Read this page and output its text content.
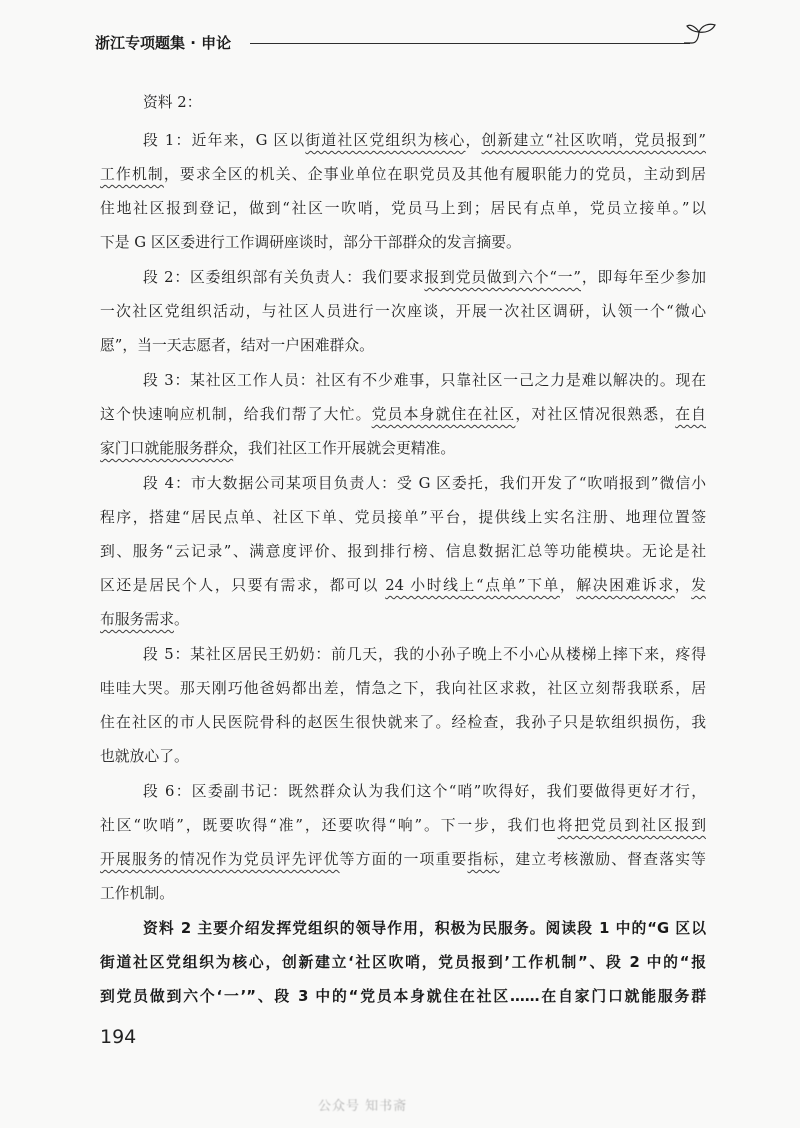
浙江专项题集 · 申论
资料 2：
段 1：近年来，G 区以街道社区党组织为核心，创新建立“社区吹哨，党员报到”
工作机制，要求全区的机关、企事业单位在职党员及其他有履职能力的党员，主动到居
住地社区报到登记，做到“社区一吹哨，党员马上到；居民有点单，党员立接单。”以
下是 G 区区委进行工作调研座谈时，部分干部群众的发言摘要。
段 2：区委组织部有关负责人：我们要求报到党员做到六个“一”，即每年至少参加
一次社区党组织活动，与社区人员进行一次座谈，开展一次社区调研，认领一个“微心
愿”，当一天志愿者，结对一户困难群众。
段 3：某社区工作人员：社区有不少难事，只靠社区一己之力是难以解决的。现在
这个快速响应机制，给我们帮了大忙。党员本身就住在社区，对社区情况很熟悉，在自
家门口就能服务群众，我们社区工作开展就会更精准。
段 4：市大数据公司某项目负责人：受 G 区委托，我们开发了“吹哨报到”微信小
程序，搭建“居民点单、社区下单、党员接单”平台，提供线上实名注册、地理位置签
到、服务“云记录”、满意度评价、报到排行榜、信息数据汇总等功能模块。无论是社
区还是居民个人，只要有需求，都可以 24 小时线上“点单”下单，解决困难诉求，发
布服务需求。
段 5：某社区居民王奶奶：前几天，我的小孙子晚上不小心从楼梯上摔下来，疼得
哇哇大哭。那天刚巧他爸妈都出差，情急之下，我向社区求救，社区立刻帮我联系，居
住在社区的市人民医院骨科的赵医生很快就来了。经检查，我孙子只是软组织损伤，我
也就放心了。
段 6：区委副书记：既然群众认为我们这个“哨”吹得好，我们要做得更好才行，
社区“吹哨”，既要吹得“准”，还要吹得“响”。下一步，我们也将把党员到社区报到
开展服务的情况作为党员评先评优等方面的一项重要指标，建立考核激励、督查落实等
工作机制。
资料 2 主要介绍发挥党组织的领导作用，积极为民服务。阅读段 1 中的“G 区以
街道社区党组织为核心，创新建立‘社区吹哨，党员报到’工作机制”、段 2 中的“报
到党员做到六个‘一’”、段 3 中的“党员本身就住在社区……在自家门口就能服务群
194
公众号 知书斋
